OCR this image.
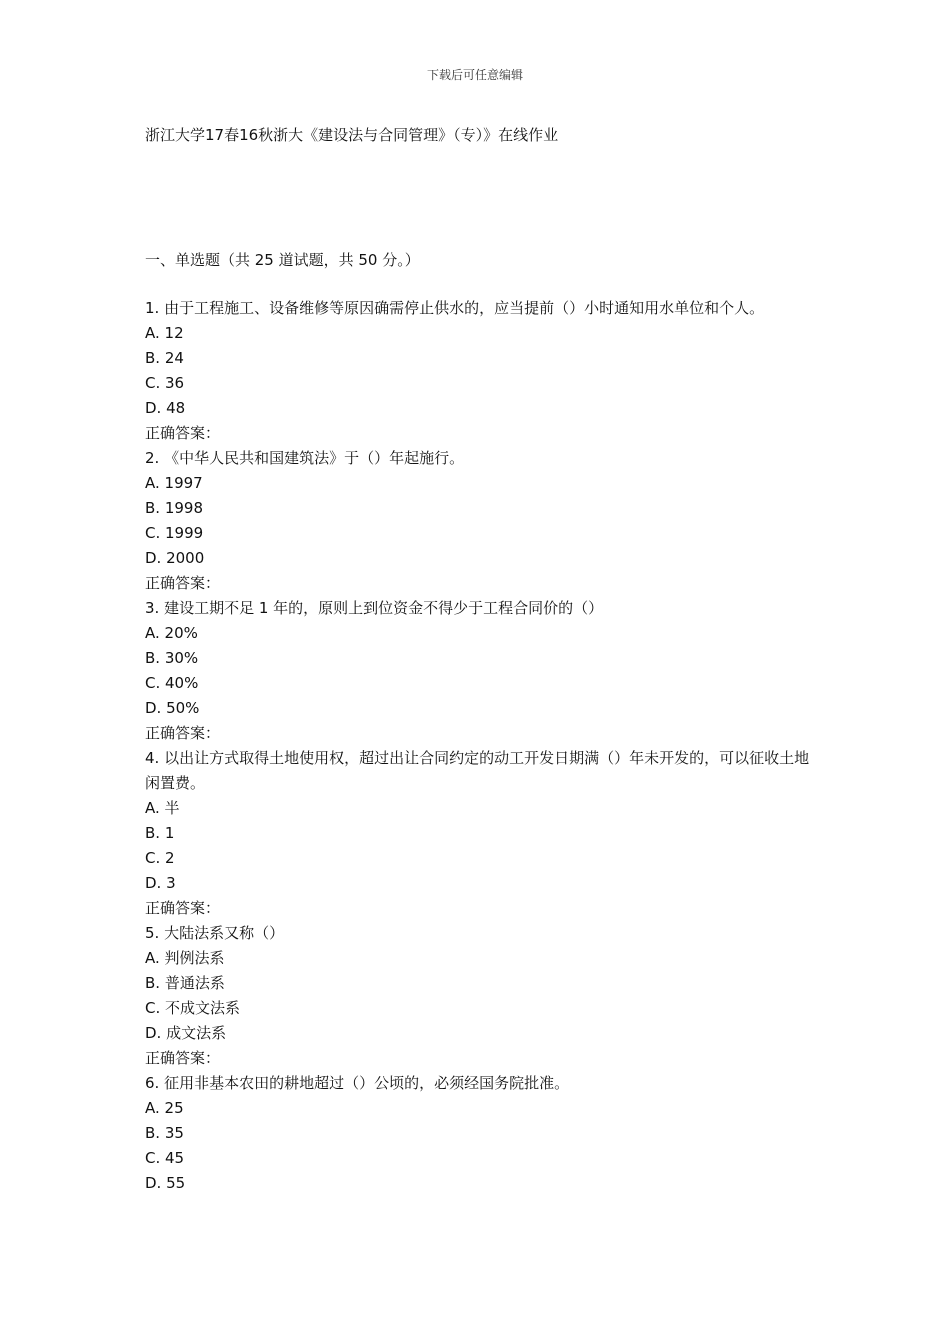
下载后可任意编辑
浙江大学17春16秋浙大《建设法与合同管理》（专）》在线作业
一、单选题（共 25 道试题，共 50 分。）
1. 由于工程施工、设备维修等原因确需停止供水的，应当提前（）小时通知用水单位和个人。
A. 12
B. 24
C. 36
D. 48
正确答案：
2. 《中华人民共和国建筑法》于（）年起施行。
A. 1997
B. 1998
C. 1999
D. 2000
正确答案：
3. 建设工期不足 1 年的，原则上到位资金不得少于工程合同价的（）
A. 20%
B. 30%
C. 40%
D. 50%
正确答案：
4. 以出让方式取得土地使用权，超过出让合同约定的动工开发日期满（）年未开发的，可以征收土地闲置费。
A. 半
B. 1
C. 2
D. 3
正确答案：
5. 大陆法系又称（）
A. 判例法系
B. 普通法系
C. 不成文法系
D. 成文法系
正确答案：
6. 征用非基本农田的耕地超过（）公顷的，必须经国务院批准。
A. 25
B. 35
C. 45
D. 55
